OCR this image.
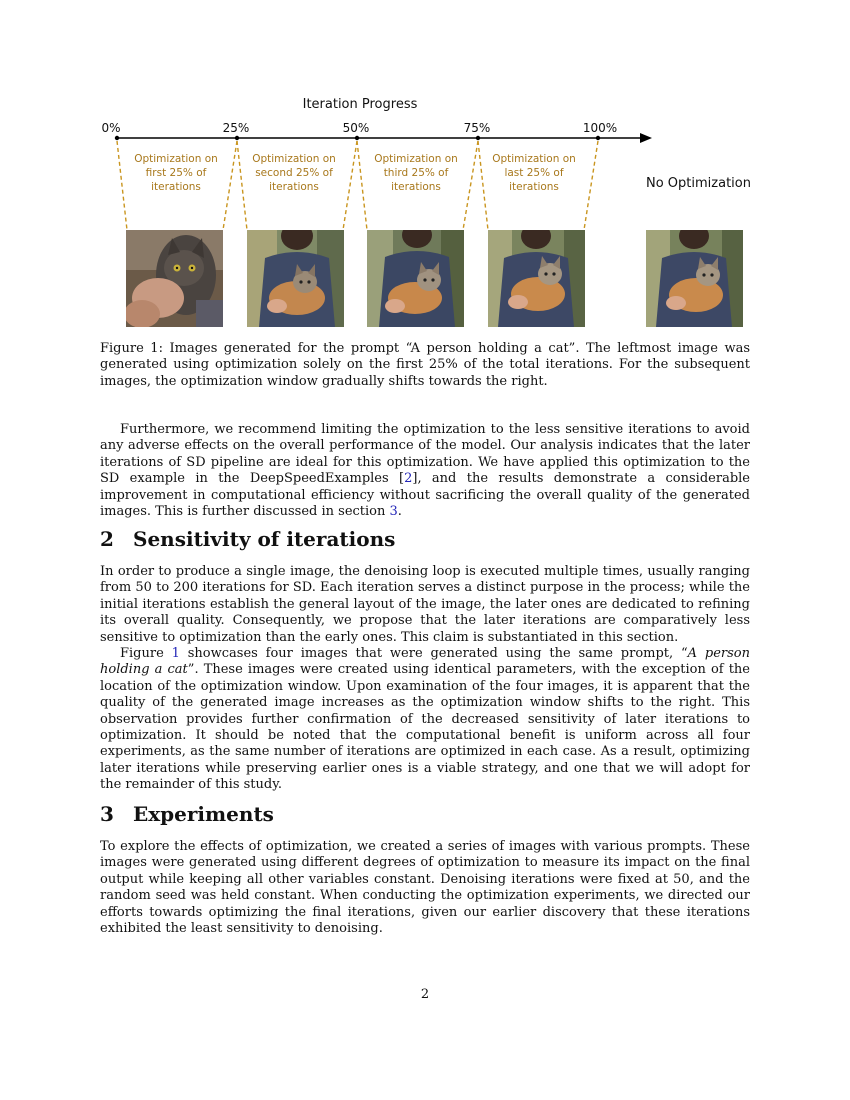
Iteration Progress
0%	25%	50%	75%	100%
Optimization on first 25% of iterations
Optimization on second 25% of iterations
Optimization on third 25% of iterations
Optimization on last 25% of iterations	No Optimization
Figure 1: Images generated for the prompt “A person holding a cat”. The leftmost image was generated using optimization solely on the first 25% of the total iterations. For the subsequent images, the optimization window gradually shifts towards the right.

Furthermore, we recommend limiting the optimization to the less sensitive iterations to avoid any adverse effects on the overall performance of the model. Our analysis indicates that the later iterations of SD pipeline are ideal for this optimization. We have applied this optimization to the SD example in the DeepSpeedExamples [2], and the results demonstrate a considerable improvement in computational efficiency without sacrificing the overall quality of the generated images. This is further discussed in section 3.

2 Sensitivity of iterations

In order to produce a single image, the denoising loop is executed multiple times, usually ranging from 50 to 200 iterations for SD. Each iteration serves a distinct purpose in the process; while the initial iterations establish the general layout of the image, the later ones are dedicated to refining its overall quality. Consequently, we propose that the later iterations are comparatively less sensitive to optimization than the early ones. This claim is substantiated in this section.

Figure 1 showcases four images that were generated using the same prompt, “A person holding a cat”. These images were created using identical parameters, with the exception of the location of the optimization window. Upon examination of the four images, it is apparent that the quality of the generated image increases as the optimization window shifts to the right. This observation provides further confirmation of the decreased sensitivity of later iterations to optimization. It should be noted that the computational benefit is uniform across all four experiments, as the same number of iterations are optimized in each case. As a result, optimizing later iterations while preserving earlier ones is a viable strategy, and one that we will adopt for the remainder of this study.

3 Experiments

To explore the effects of optimization, we created a series of images with various prompts. These images were generated using different degrees of optimization to measure its impact on the final output while keeping all other variables constant. Denoising iterations were fixed at 50, and the random seed was held constant. When conducting the optimization experiments, we directed our efforts towards optimizing the final iterations, given our earlier discovery that these iterations exhibited the least sensitivity to denoising.

2
